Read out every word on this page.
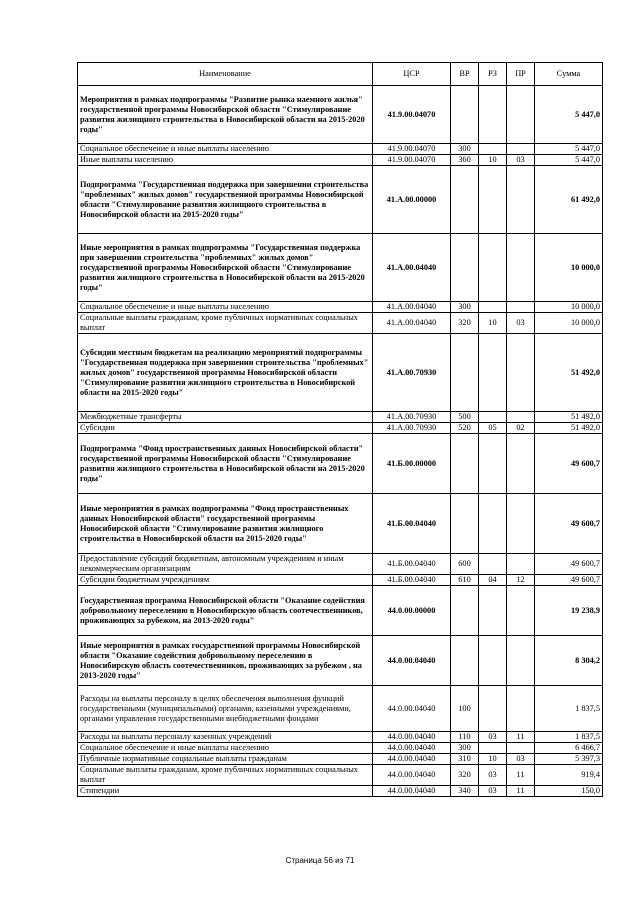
Наименование	ЦСР	ВР	РЗ	ПР	Сумма
Мероприятия в рамках подпрограммы "Развитие рынка наемного жилья" государственной программы Новосибирской области "Стимулирование развития жилищного строительства в Новосибирской области на 2015-2020 годы"	41.9.00.04070				5 447,0
Социальное обеспечение и иные выплаты населению	41.9.00.04070	300			5 447,0
Иные выплаты населению	41.9.00.04070	360	10	03	5 447,0
Подпрограмма "Государственная поддержка при завершении строительства "проблемных" жилых домов" государственной программы Новосибирской области "Стимулирование развития жилищного строительства в Новосибирской области на 2015-2020 годы"	41.А.00.00000				61 492,0
Иные мероприятия в рамках подпрограммы "Государственная поддержка при завершении строительства "проблемных" жилых домов" государственной программы Новосибирской области "Стимулирование развития жилищного строительства в Новосибирской области на 2015-2020 годы"	41.А.00.04040				10 000,0
Социальное обеспечение и иные выплаты населению	41.А.00.04040	300			10 000,0
Социальные выплаты гражданам, кроме публичных нормативных социальных выплат	41.А.00.04040	320	10	03	10 000,0
Субсидии местным бюджетам на реализацию мероприятий подпрограммы "Государственная поддержка при завершении строительства "проблемных" жилых домов" государственной программы Новосибирской области "Стимулирование развития жилищного строительства в Новосибирской области на 2015-2020 годы"	41.А.00.70930				51 492,0
Межбюджетные трансферты	41.А.00.70930	500			51 492,0
Субсидии	41.А.00.70930	520	05	02	51 492,0
Подпрограмма "Фонд пространственных данных Новосибирской области" государственной программы Новосибирской области "Стимулирование развития жилищного строительства в Новосибирской области на 2015-2020 годы"	41.Б.00.00000				49 600,7
Иные мероприятия в рамках подпрограммы "Фонд пространственных данных Новосибирской области" государственной программы Новосибирской области "Стимулирование развития жилищного строительства в Новосибирской области на 2015-2020 годы"	41.Б.00.04040				49 600,7
Предоставление субсидий бюджетным, автономным учреждениям и иным некоммерческим организациям	41.Б.00.04040	600			49 600,7
Субсидии бюджетным учреждениям	41.Б.00.04040	610	04	12	49 600,7
Государственная программа Новосибирской области "Оказание содействия добровольному переселению в Новосибирскую область соотечественников, проживающих за рубежом, на 2013-2020 годы"	44.0.00.00000				19 238,9
Иные мероприятия в рамках государственной программы Новосибирской области "Оказание содействия добровольному переселению в Новосибирскую область соотечественников, проживающих за рубежом , на 2013-2020 годы"	44.0.00.04040				8 304,2
Расходы на выплаты персоналу в целях обеспечения выполнения функций государственными (муниципальными) органами, казенными учреждениями, органами управления государственными внебюджетными фондами	44.0.00.04040	100			1 837,5
Расходы на выплаты персоналу казенных учреждений	44.0.00.04040	110	03	11	1 837,5
Социальное обеспечение и иные выплаты населению	44.0.00.04040	300			6 466,7
Публичные нормативные социальные выплаты гражданам	44.0.00.04040	310	10	03	5 397,3
Социальные выплаты гражданам, кроме публичных нормативных социальных выплат	44.0.00.04040	320	03	11	919,4
Стипендии	44.0.00.04040	340	03	11	150,0
Страница 56 из 71
